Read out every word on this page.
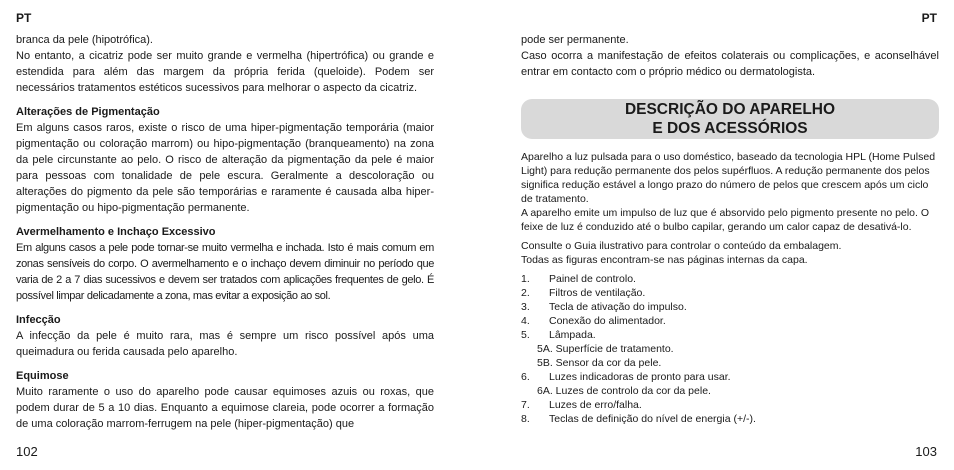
PT

branca da pele (hipotrófica).

No entanto, a cicatriz pode ser muito grande e vermelha (hipertrófica) ou grande e estendida para além das margem da própria ferida (queloide). Podem ser necessários tratamentos estéticos sucessivos para melhorar o aspecto da cicatriz.

Alterações de Pigmentação

Em alguns casos raros, existe o risco de uma hiper-pigmentação temporária (maior pigmentação ou coloração marrom) ou hipo-pigmentação (branqueamento) na zona da pele circunstante ao pelo. O risco de alteração da pigmentação da pele é maior para pessoas com tonalidade de pele escura. Geralmente a descoloração ou alterações do pigmento da pele são temporárias e raramente é causada alba hiper-pigmentação ou hipo-pigmentação permanente.

Avermelhamento e Inchaço Excessivo

Em alguns casos a pele pode tornar-se muito vermelha e inchada. Isto é mais comum em zonas sensíveis do corpo. O avermelhamento e o inchaço devem diminuir no período que varia de 2 a 7 dias sucessivos e devem ser tratados com aplicações frequentes de gelo. É possível limpar delicadamente a zona, mas evitar a exposição ao sol.

Infecção

A infecção da pele é muito rara, mas é sempre um risco possível após uma queimadura ou ferida causada pelo aparelho.

Equimose

Muito raramente o uso do aparelho pode causar equimoses azuis ou roxas, que podem durar de 5 a 10 dias. Enquanto a equimose clareia, pode ocorrer a formação de uma coloração marrom-ferrugem na pele (hiper-pigmentação) que

102
PT

pode ser permanente.

Caso ocorra a manifestação de efeitos colaterais ou complicações, e aconselhável entrar em contacto com o próprio médico ou dermatologista.

DESCRIÇÃO DO APARELHO
E DOS ACESSÓRIOS

Aparelho a luz pulsada para o uso doméstico, baseado da tecnologia HPL (Home Pulsed Light) para redução permanente dos pelos supérfluos. A redução permanente dos pelos significa redução estável a longo prazo do número de pelos que crescem após um ciclo de tratamento.

A aparelho emite um impulso de luz que é absorvido pelo pigmento presente no pelo. O feixe de luz é conduzido até o bulbo capilar, gerando um calor capaz de desativá-lo.

Consulte o Guia ilustrativo para controlar o conteúdo da embalagem.

Todas as figuras encontram-se nas páginas internas da capa.

1.	Painel de controlo.
2.	Filtros de ventilação.
3.	Tecla de ativação do impulso.
4.	Conexão do alimentador.
5.	Lâmpada.
5A. Superfície de tratamento.
5B. Sensor da cor da pele.
6.	Luzes indicadoras de pronto para usar.
6A. Luzes de controlo da cor da pele.
7.	Luzes de erro/falha.
8.	Teclas de definição do nível de energia (+/-).
103
